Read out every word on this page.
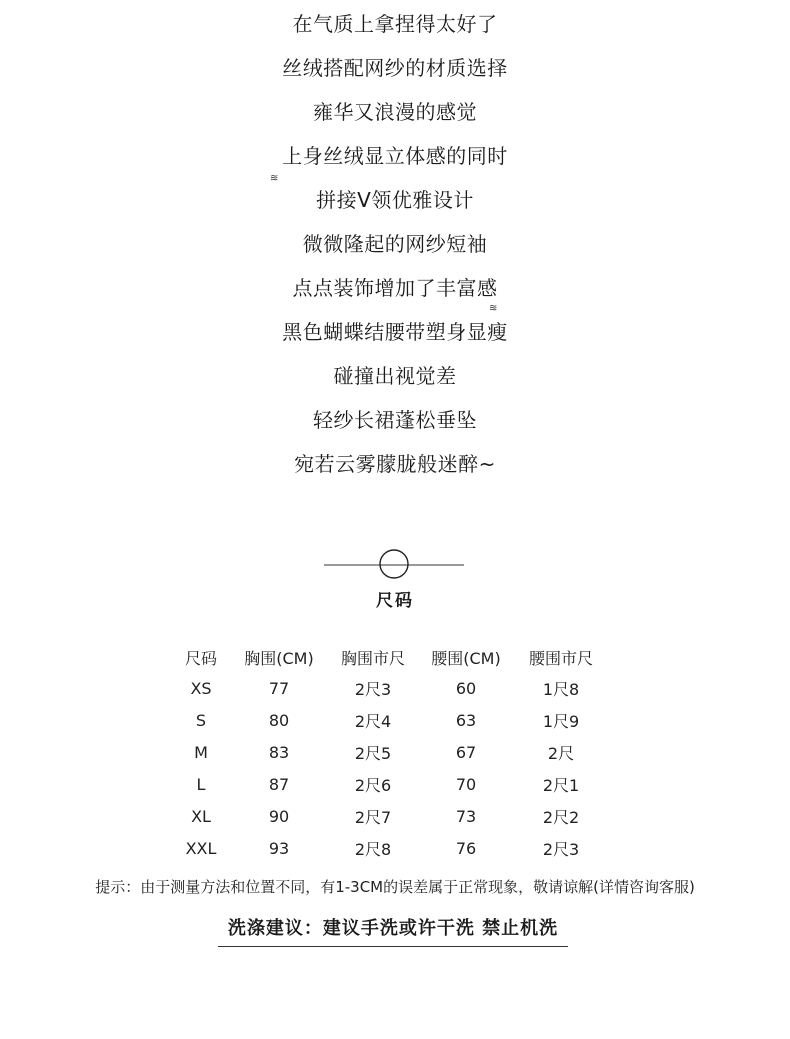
在气质上拿捏得太好了
丝绒搭配网纱的材质选择
雍华又浪漫的感觉
上身丝绒显立体感的同时
拼接V领优雅设计
微微隆起的网纱短袖
点点装饰增加了丰富感
黑色蝴蝶结腰带塑身显瘦
碰撞出视觉差
轻纱长裙蓬松垂坠
宛若云雾朦胧般迷醉~
≋
≋
尺码
尺码	胸围(CM)	胸围市尺	腰围(CM)	腰围市尺
XS	77	2尺3	60	1尺8
S	80	2尺4	63	1尺9
M	83	2尺5	67	2尺
L	87	2尺6	70	2尺1
XL	90	2尺7	73	2尺2
XXL	93	2尺8	76	2尺3
提示：由于测量方法和位置不同，有1-3CM的误差属于正常现象，敬请谅解(详情咨询客服)
洗涤建议：建议手洗或许干洗 禁止机洗
